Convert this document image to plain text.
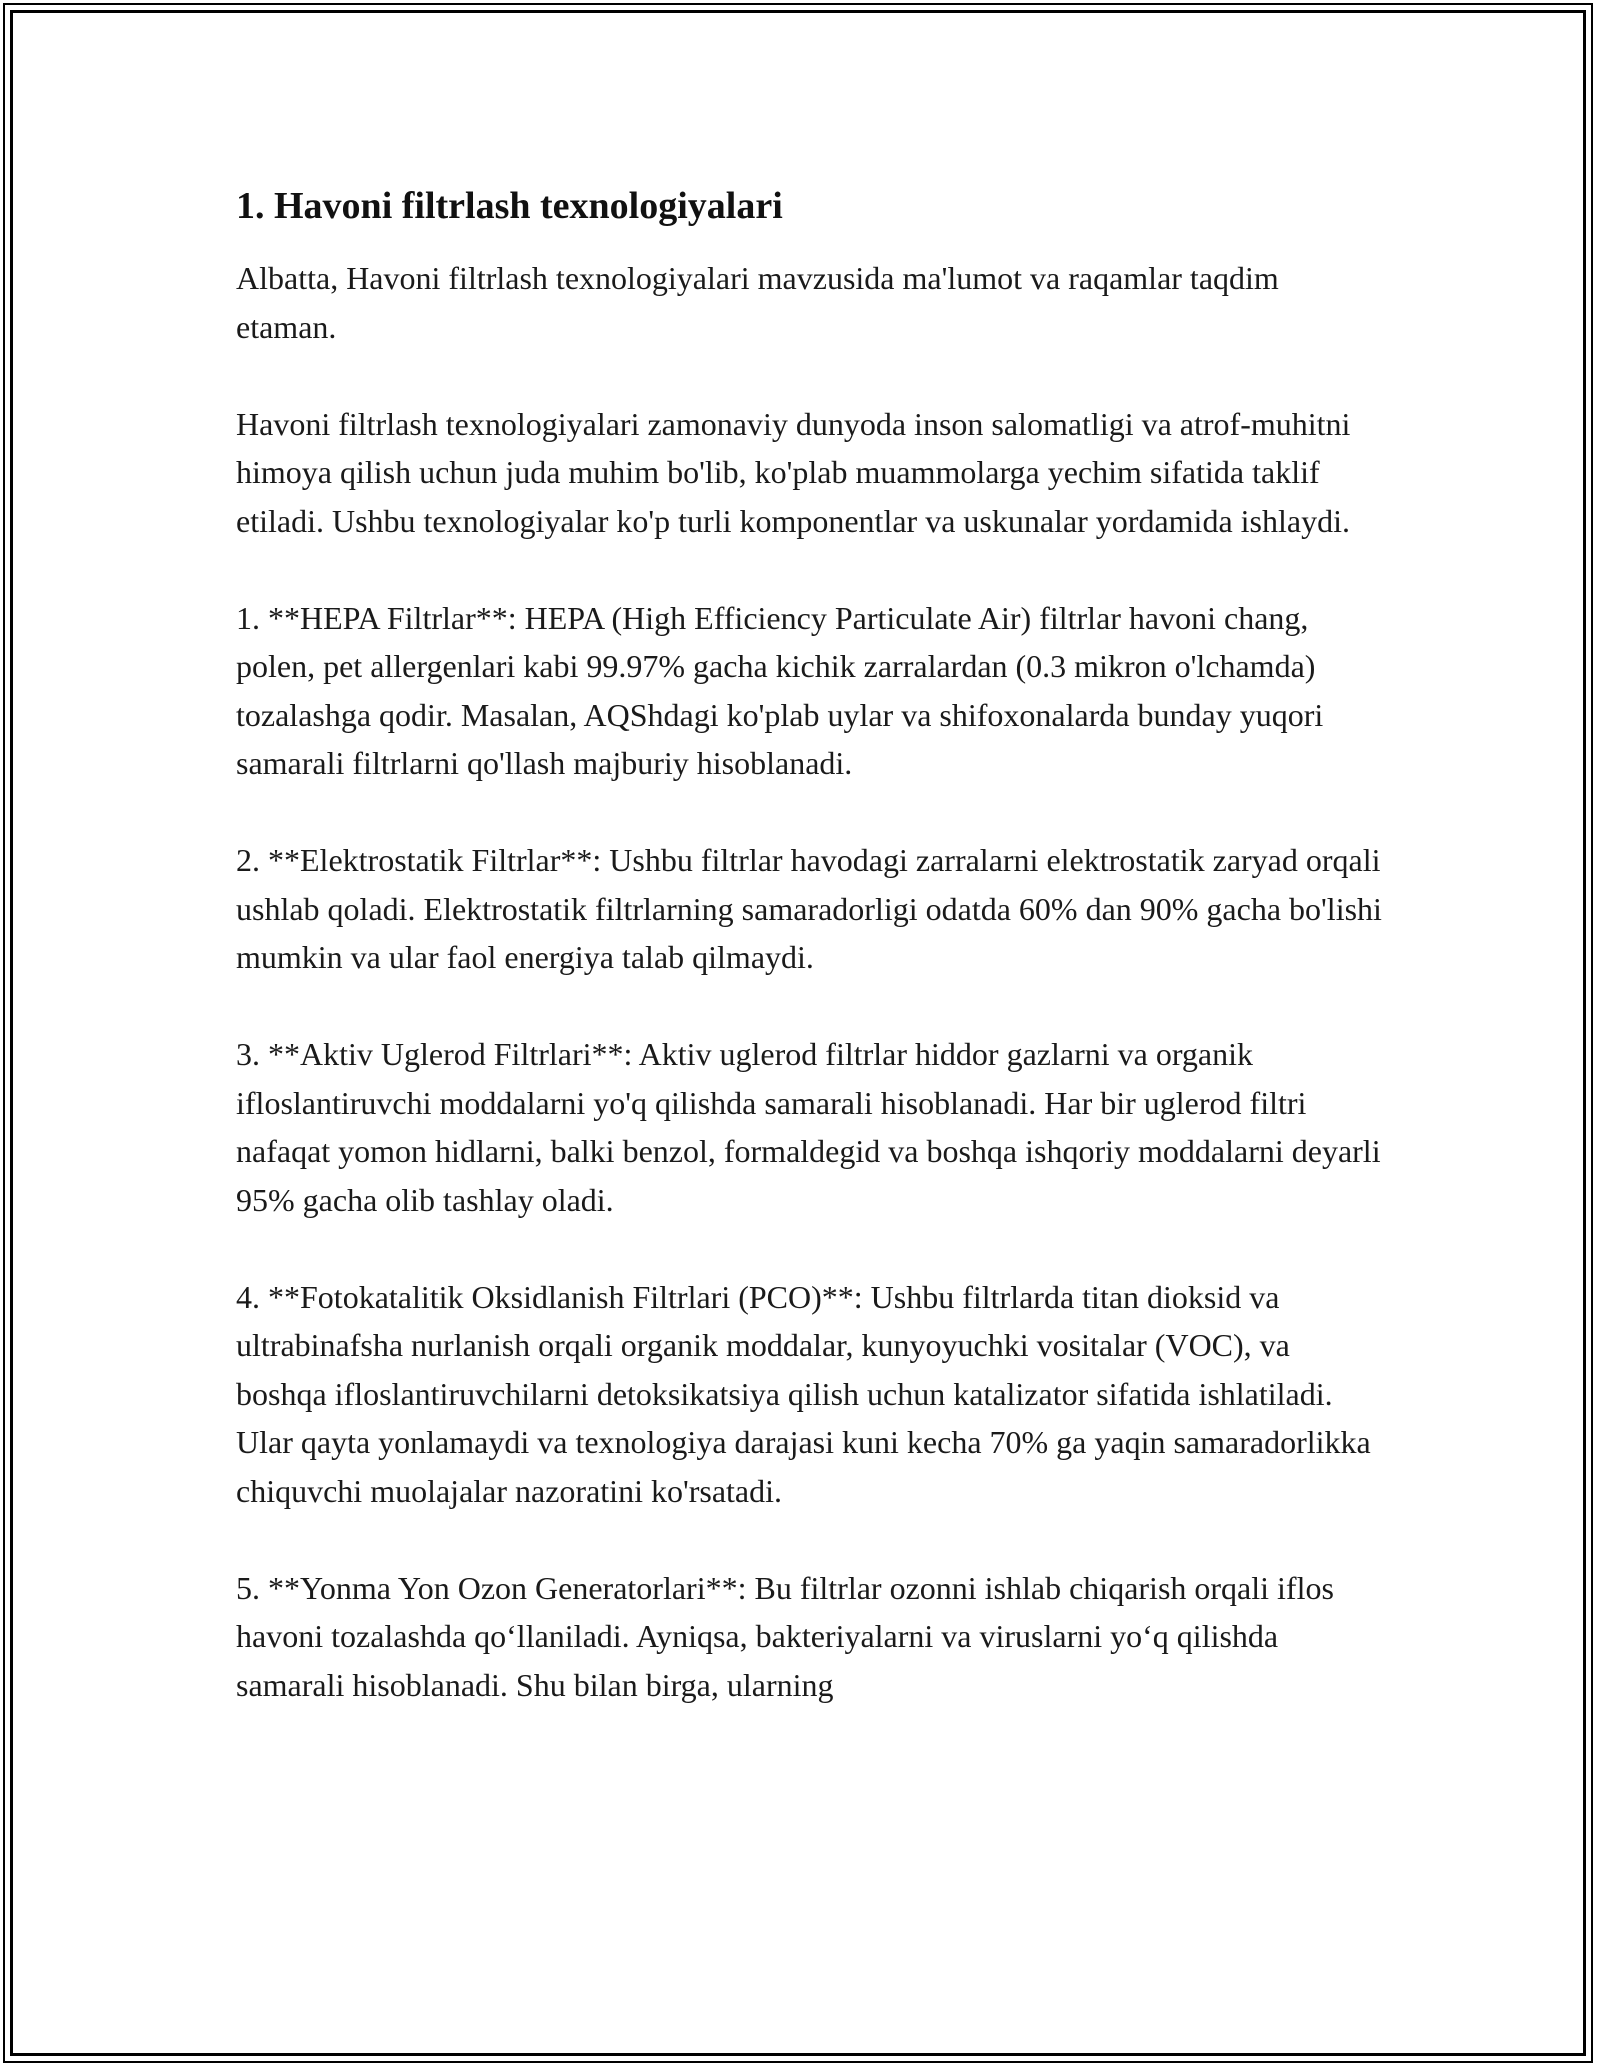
1. Havoni filtrlash texnologiyalari

Albatta, Havoni filtrlash texnologiyalari mavzusida ma'lumot va raqamlar taqdim etaman.

Havoni filtrlash texnologiyalari zamonaviy dunyoda inson salomatligi va atrof-muhitni himoya qilish uchun juda muhim bo'lib, ko'plab muammolarga yechim sifatida taklif etiladi. Ushbu texnologiyalar ko'p turli komponentlar va uskunalar yordamida ishlaydi.

1. **HEPA Filtrlar**: HEPA (High Efficiency Particulate Air) filtrlar havoni chang, polen, pet allergenlari kabi 99.97% gacha kichik zarralardan (0.3 mikron o'lchamda) tozalashga qodir. Masalan, AQShdagi ko'plab uylar va shifoxonalarda bunday yuqori samarali filtrlarni qo'llash majburiy hisoblanadi.

2. **Elektrostatik Filtrlar**: Ushbu filtrlar havodagi zarralarni elektrostatik zaryad orqali ushlab qoladi. Elektrostatik filtrlarning samaradorligi odatda 60% dan 90% gacha bo'lishi mumkin va ular faol energiya talab qilmaydi.

3. **Aktiv Uglerod Filtrlari**: Aktiv uglerod filtrlar hiddor gazlarni va organik ifloslantiruvchi moddalarni yo'q qilishda samarali hisoblanadi. Har bir uglerod filtri nafaqat yomon hidlarni, balki benzol, formaldegid va boshqa ishqoriy moddalarni deyarli 95% gacha olib tashlay oladi.

4. **Fotokatalitik Oksidlanish Filtrlari (PCO)**: Ushbu filtrlarda titan dioksid va ultrabinafsha nurlanish orqali organik moddalar, kunyoyuchki vositalar (VOC), va boshqa ifloslantiruvchilarni detoksikatsiya qilish uchun katalizator sifatida ishlatiladi. Ular qayta yonlamaydi va texnologiya darajasi kuni kecha 70% ga yaqin samaradorlikka chiquvchi muolajalar nazoratini ko'rsatadi.

5. **Yonma Yon Ozon Generatorlari**: Bu filtrlar ozonni ishlab chiqarish orqali iflos havoni tozalashda qo‘llaniladi. Ayniqsa, bakteriyalarni va viruslarni yo‘q qilishda samarali hisoblanadi. Shu bilan birga, ularning
